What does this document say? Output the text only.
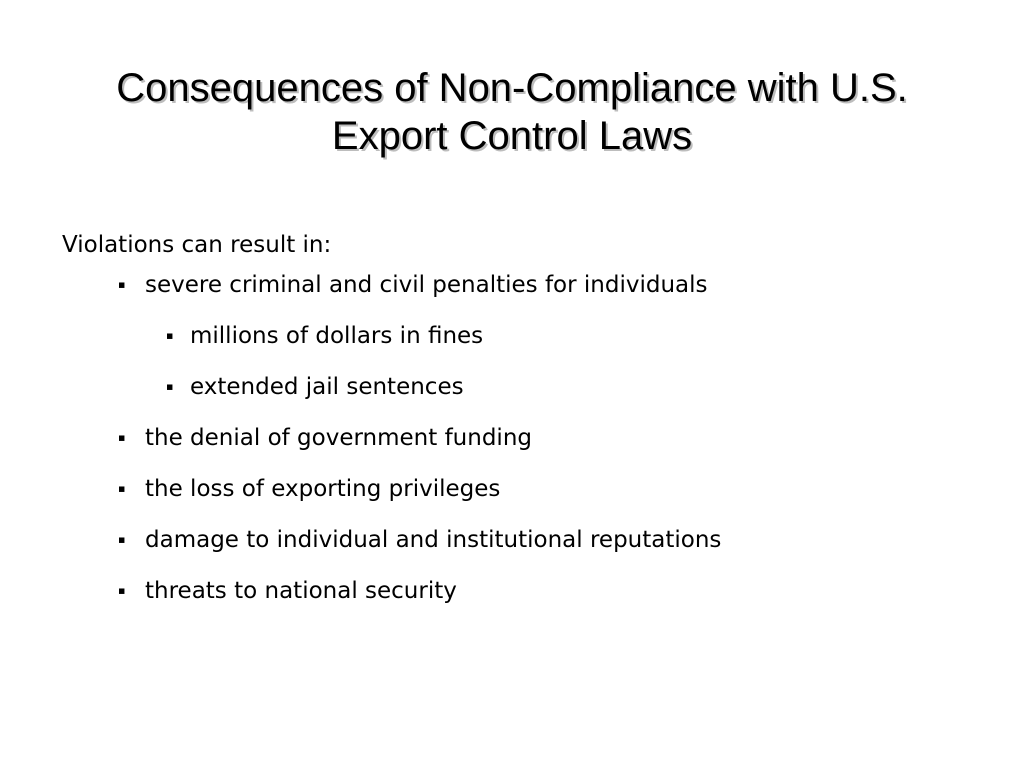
Consequences of Non-Compliance with U.S.
Export Control Laws

Violations can result in:

▪ severe criminal and civil penalties for individuals
▪ millions of dollars in fines
▪ extended jail sentences
▪ the denial of government funding
▪ the loss of exporting privileges
▪ damage to individual and institutional reputations
▪ threats to national security
